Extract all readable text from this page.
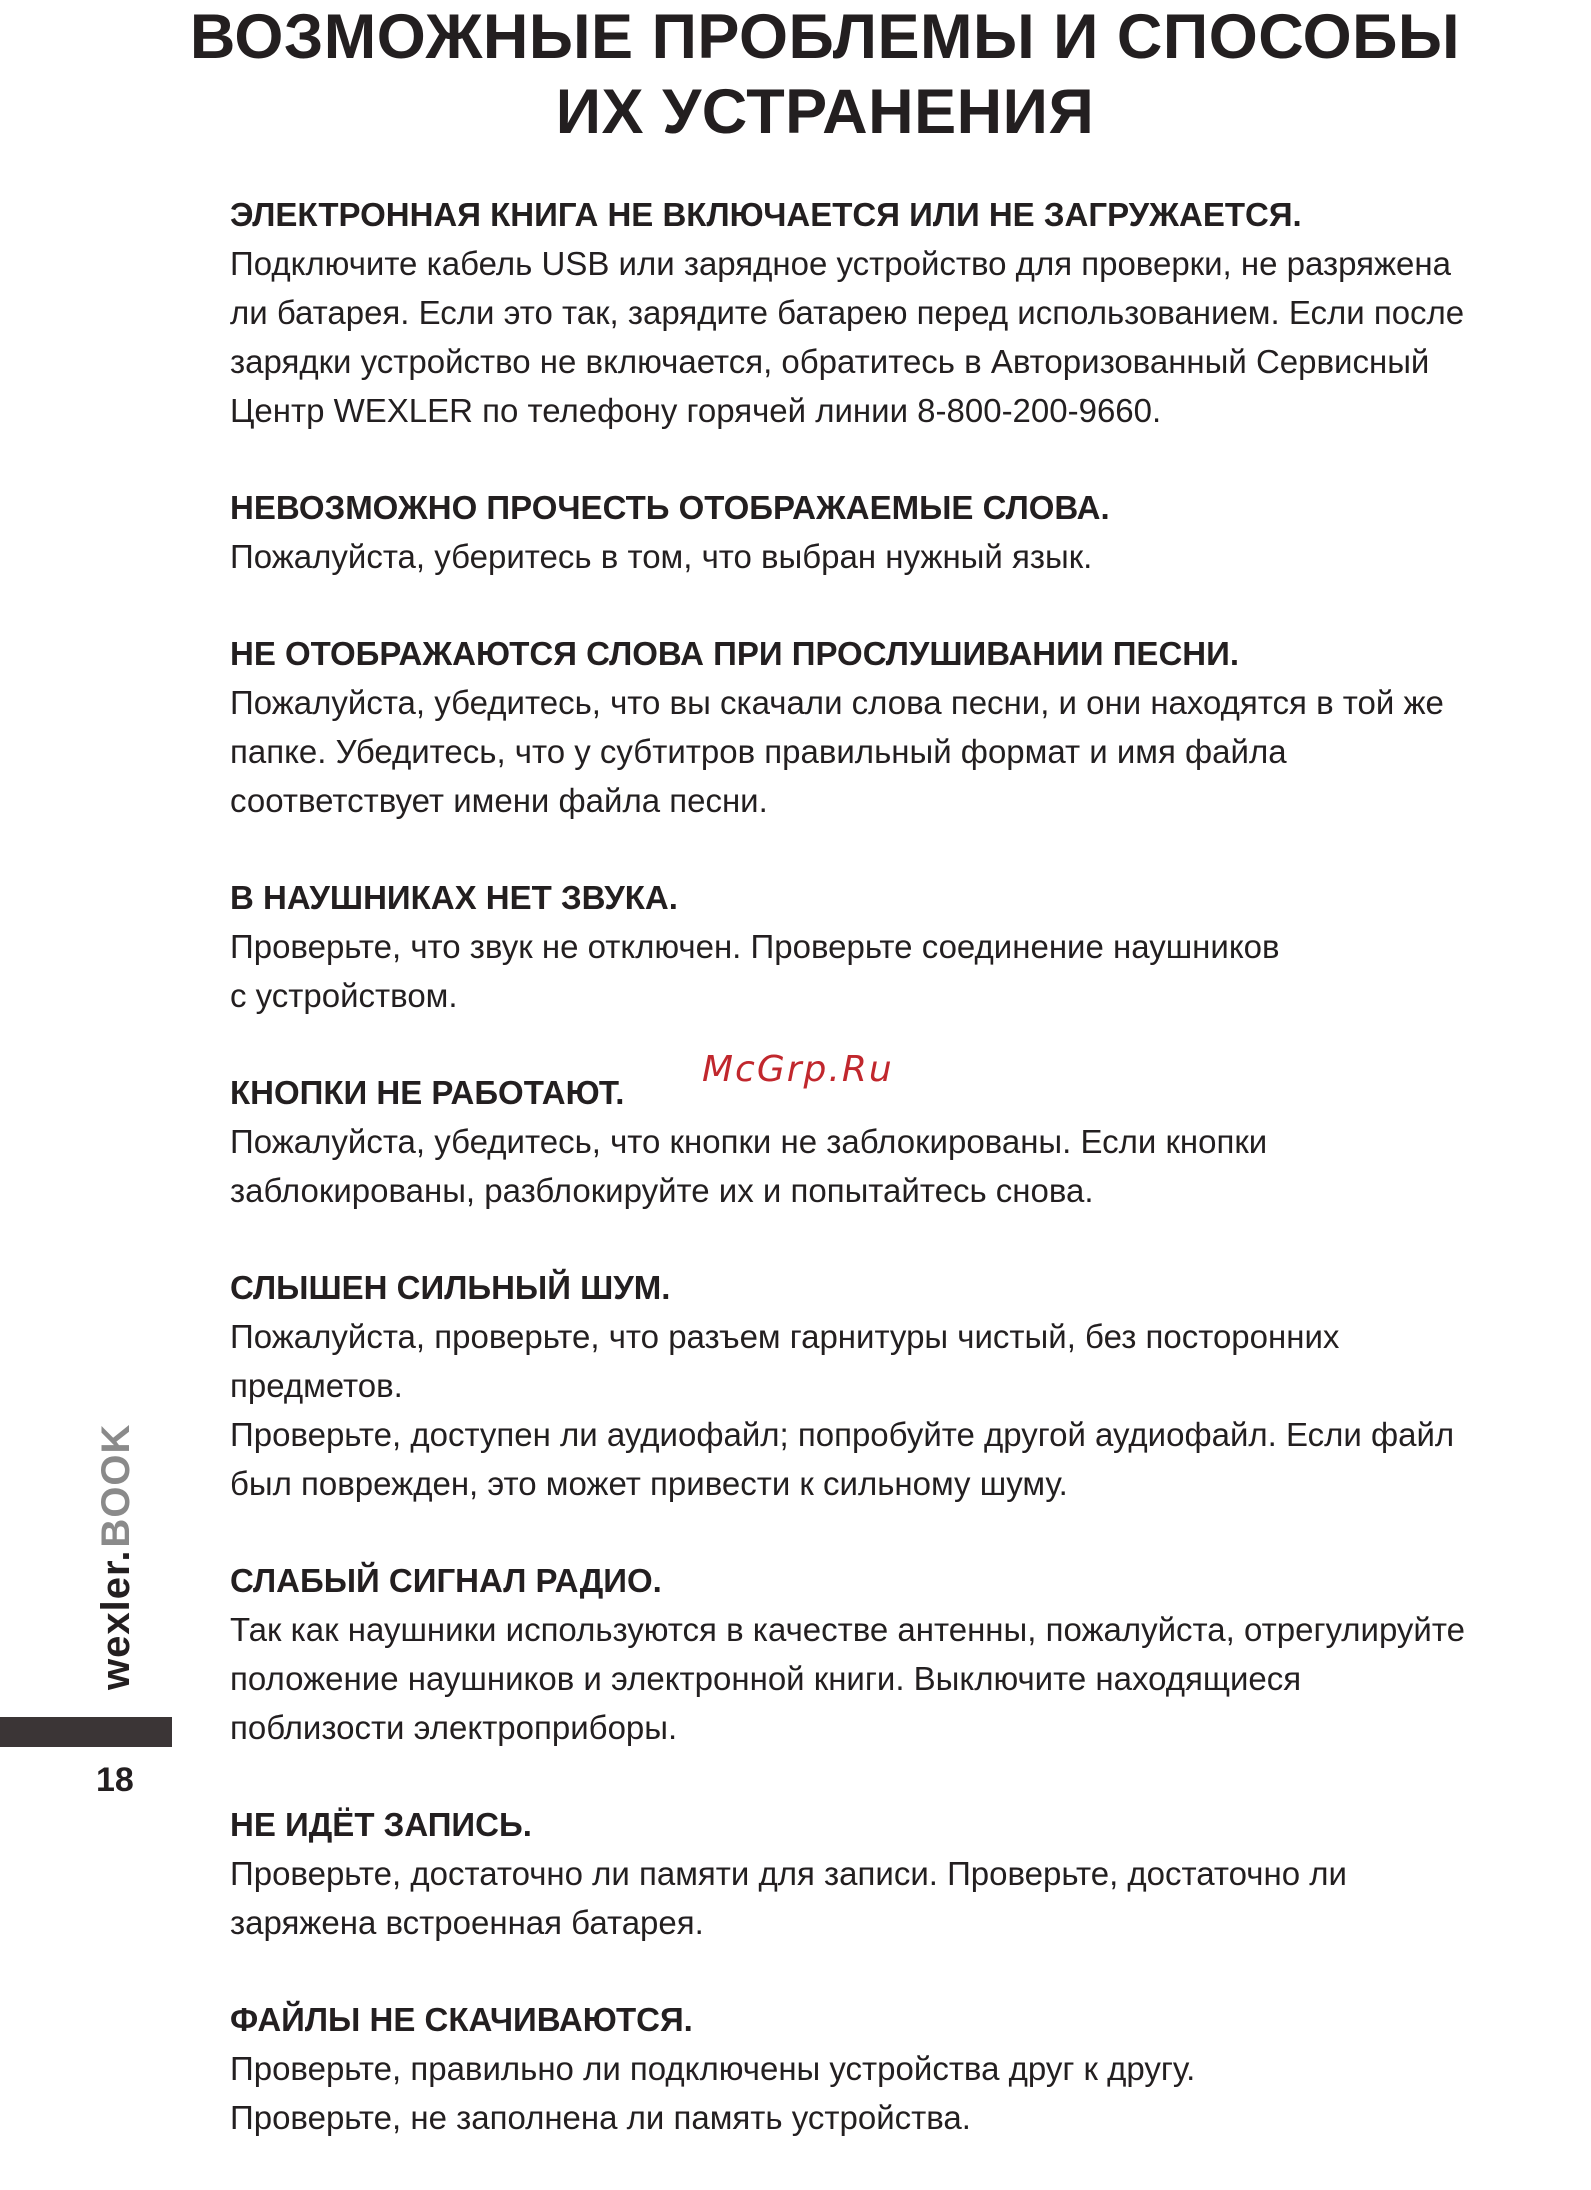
ВОЗМОЖНЫЕ ПРОБЛЕМЫ И СПОСОБЫ
ИХ УСТРАНЕНИЯ

ЭЛЕКТРОННАЯ КНИГА НЕ ВКЛЮЧАЕТСЯ ИЛИ НЕ ЗАГРУЖАЕТСЯ.

Подключите кабель USB или зарядное устройство для проверки, не разряжена

ли батарея. Если это так, зарядите батарею перед использованием. Если после

зарядки устройство не включается, обратитесь в Авторизованный Сервисный

Центр WEXLER по телефону горячей линии 8-800-200-9660.

НЕВОЗМОЖНО ПРОЧЕСТЬ ОТОБРАЖАЕМЫЕ СЛОВА.

Пожалуйста, уберитесь в том, что выбран нужный язык.

НЕ ОТОБРАЖАЮТСЯ СЛОВА ПРИ ПРОСЛУШИВАНИИ ПЕСНИ.

Пожалуйста, убедитесь, что вы скачали слова песни, и они находятся в той же

папке. Убедитесь, что у субтитров правильный формат и имя файла

соответствует имени файла песни.

В НАУШНИКАХ НЕТ ЗВУКА.

Проверьте, что звук не отключен. Проверьте соединение наушников

с устройством.

КНОПКИ НЕ РАБОТАЮТ.

Пожалуйста, убедитесь, что кнопки не заблокированы. Если кнопки

заблокированы, разблокируйте их и попытайтесь снова.

СЛЫШЕН СИЛЬНЫЙ ШУМ.

Пожалуйста, проверьте, что разъем гарнитуры чистый, без посторонних

предметов.

Проверьте, доступен ли аудиофайл; попробуйте другой аудиофайл. Если файл

был поврежден, это может привести к сильному шуму.

СЛАБЫЙ СИГНАЛ РАДИО.

Так как наушники используются в качестве антенны, пожалуйста, отрегулируйте

положение наушников и электронной книги. Выключите находящиеся

поблизости электроприборы.

НЕ ИДЁТ ЗАПИСЬ.

Проверьте, достаточно ли памяти для записи. Проверьте, достаточно ли

заряжена встроенная батарея.

ФАЙЛЫ НЕ СКАЧИВАЮТСЯ.

Проверьте, правильно ли подключены устройства друг к другу.

Проверьте, не заполнена ли память устройства.

McGrp.Ru
wexler.BOOK
18
